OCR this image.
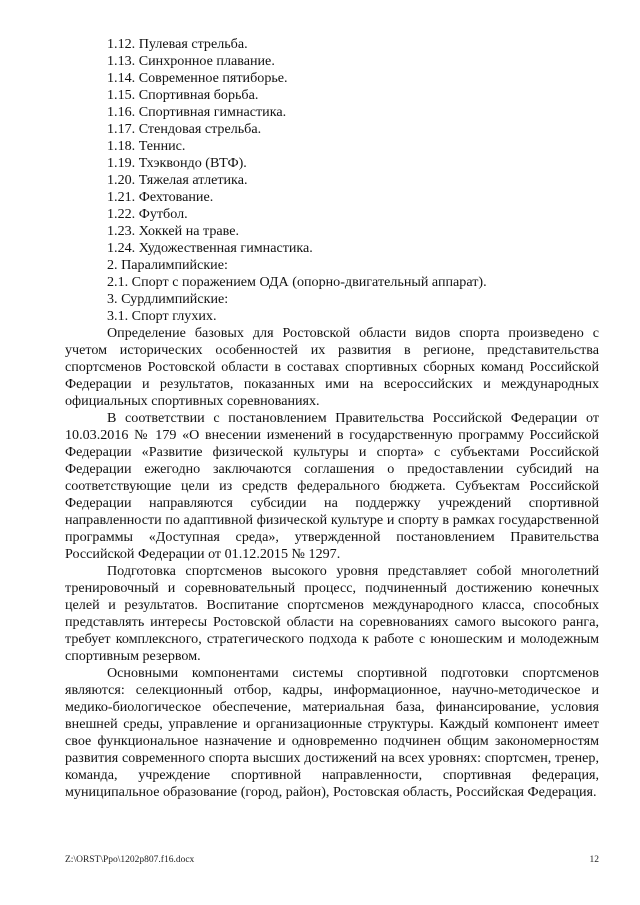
1.12. Пулевая стрельба.
1.13. Синхронное плавание.
1.14. Современное пятиборье.
1.15. Спортивная борьба.
1.16. Спортивная гимнастика.
1.17. Стендовая стрельба.
1.18. Теннис.
1.19. Тхэквондо (ВТФ).
1.20. Тяжелая атлетика.
1.21. Фехтование.
1.22. Футбол.
1.23. Хоккей на траве.
1.24. Художественная гимнастика.
2. Паралимпийские:
2.1. Спорт с поражением ОДА (опорно-двигательный аппарат).
3. Сурдлимпийские:
3.1. Спорт глухих.

Определение базовых для Ростовской области видов спорта произведено с учетом исторических особенностей их развития в регионе, представительства спортсменов Ростовской области в составах спортивных сборных команд Российской Федерации и результатов, показанных ими на всероссийских и международных официальных спортивных соревнованиях.

В соответствии с постановлением Правительства Российской Федерации от 10.03.2016 № 179 «О внесении изменений в государственную программу Российской Федерации «Развитие физической культуры и спорта» с субъектами Российской Федерации ежегодно заключаются соглашения о предоставлении субсидий на соответствующие цели из средств федерального бюджета. Субъектам Российской Федерации направляются субсидии на поддержку учреждений спортивной направленности по адаптивной физической культуре и спорту в рамках государственной программы «Доступная среда», утвержденной постановлением Правительства Российской Федерации от 01.12.2015 № 1297.

Подготовка спортсменов высокого уровня представляет собой многолетний тренировочный и соревновательный процесс, подчиненный достижению конечных целей и результатов. Воспитание спортсменов международного класса, способных представлять интересы Ростовской области на соревнованиях самого высокого ранга, требует комплексного, стратегического подхода к работе с юношеским и молодежным спортивным резервом.

Основными компонентами системы спортивной подготовки спортсменов являются: селекционный отбор, кадры, информационное, научно-методическое и медико-биологическое обеспечение, материальная база, финансирование, условия внешней среды, управление и организационные структуры. Каждый компонент имеет свое функциональное назначение и одновременно подчинен общим закономерностям развития современного спорта высших достижений на всех уровнях: спортсмен, тренер, команда, учреждение спортивной направленности, спортивная федерация, муниципальное образование (город, район), Ростовская область, Российская Федерация.

Z:\ORST\Ppo\1202p807.f16.docx	12
